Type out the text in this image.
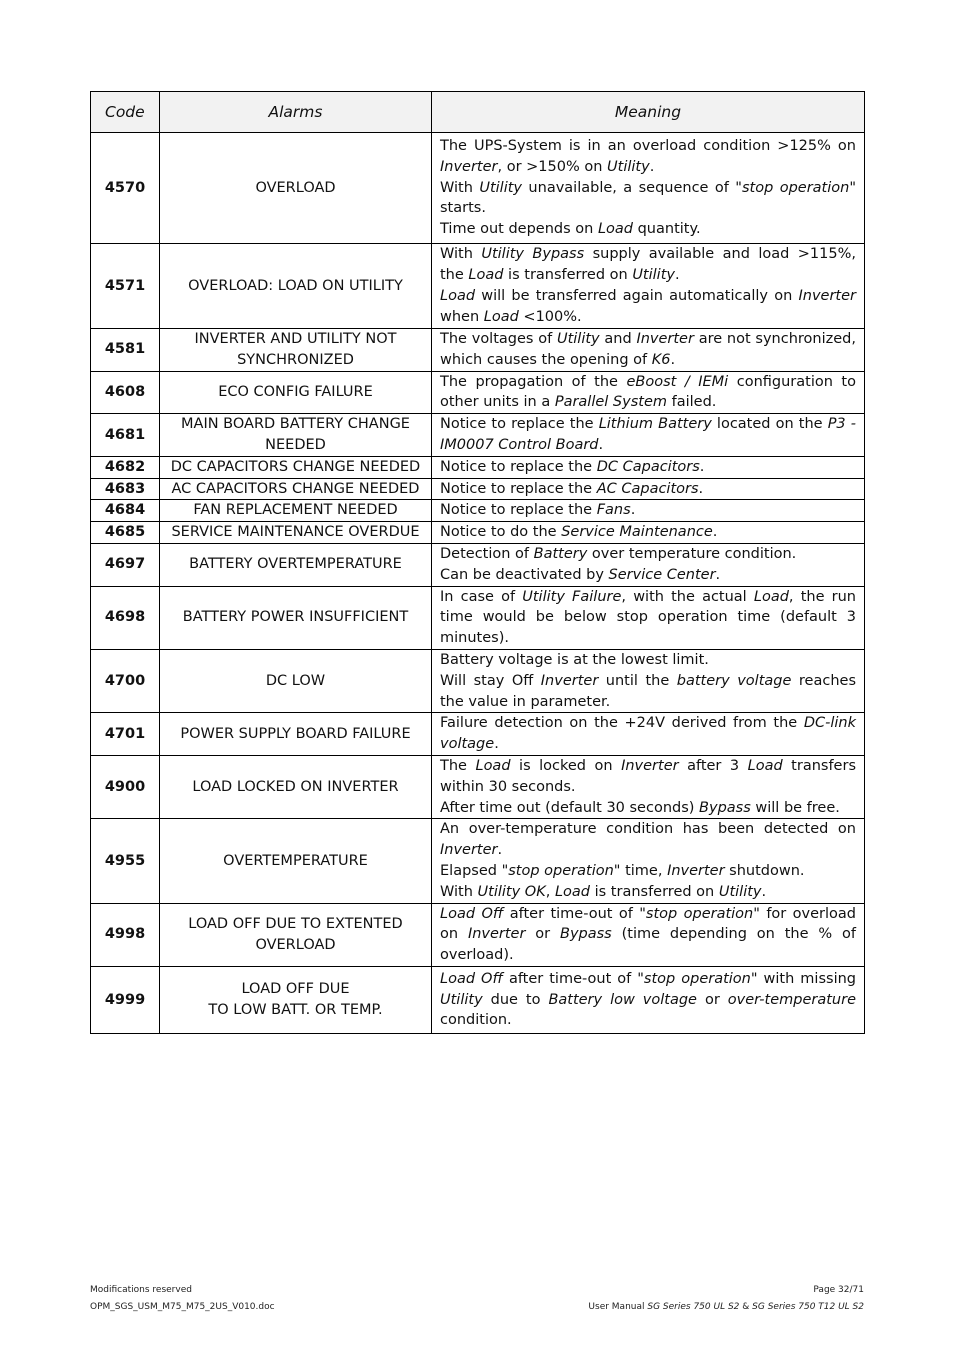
Code	Alarms	Meaning
4570	OVERLOAD	The UPS-System is in an overload condition >125% on Inverter, or >150% on Utility.
With Utility unavailable, a sequence of "stop operation" starts.
Time out depends on Load quantity.

4571	OVERLOAD: LOAD ON UTILITY	With Utility Bypass supply available and load >115%, the Load is transferred on Utility.
Load will be transferred again automatically on Inverter when Load <100%.

4581	INVERTER AND UTILITY NOT SYNCHRONIZED	The voltages of Utility and Inverter are not synchronized, which causes the opening of K6.

4608	ECO CONFIG FAILURE	The propagation of the eBoost / IEMi configuration to other units in a Parallel System failed.

4681	MAIN BOARD BATTERY CHANGE NEEDED	Notice to replace the Lithium Battery located on the P3 - IM0007 Control Board.

4682	DC CAPACITORS CHANGE NEEDED	Notice to replace the DC Capacitors.

4683	AC CAPACITORS CHANGE NEEDED	Notice to replace the AC Capacitors.

4684	FAN REPLACEMENT NEEDED	Notice to replace the Fans.

4685	SERVICE MAINTENANCE OVERDUE	Notice to do the Service Maintenance.

4697	BATTERY OVERTEMPERATURE	Detection of Battery over temperature condition.
Can be deactivated by Service Center.

4698	BATTERY POWER INSUFFICIENT	In case of Utility Failure, with the actual Load, the run time would be below stop operation time (default 3 minutes).

4700	DC LOW	Battery voltage is at the lowest limit.
Will stay Off Inverter until the battery voltage reaches the value in parameter.

4701	POWER SUPPLY BOARD FAILURE	Failure detection on the +24V derived from the DC-link voltage.

4900	LOAD LOCKED ON INVERTER	The Load is locked on Inverter after 3 Load transfers within 30 seconds.
After time out (default 30 seconds) Bypass will be free.

4955	OVERTEMPERATURE	An over-temperature condition has been detected on Inverter.
Elapsed "stop operation" time, Inverter shutdown.
With Utility OK, Load is transferred on Utility.

4998	LOAD OFF DUE TO EXTENTED OVERLOAD	Load Off after time-out of "stop operation" for overload on Inverter or Bypass (time depending on the % of overload).

4999	LOAD OFF DUE
TO LOW BATT. OR TEMP.	Load Off after time-out of "stop operation" with missing Utility due to Battery low voltage or over-temperature condition.
Modifications reserved
OPM_SGS_USM_M75_M75_2US_V010.doc
Page 32/71
User Manual SG Series 750 UL S2 & SG Series 750 T12 UL S2
